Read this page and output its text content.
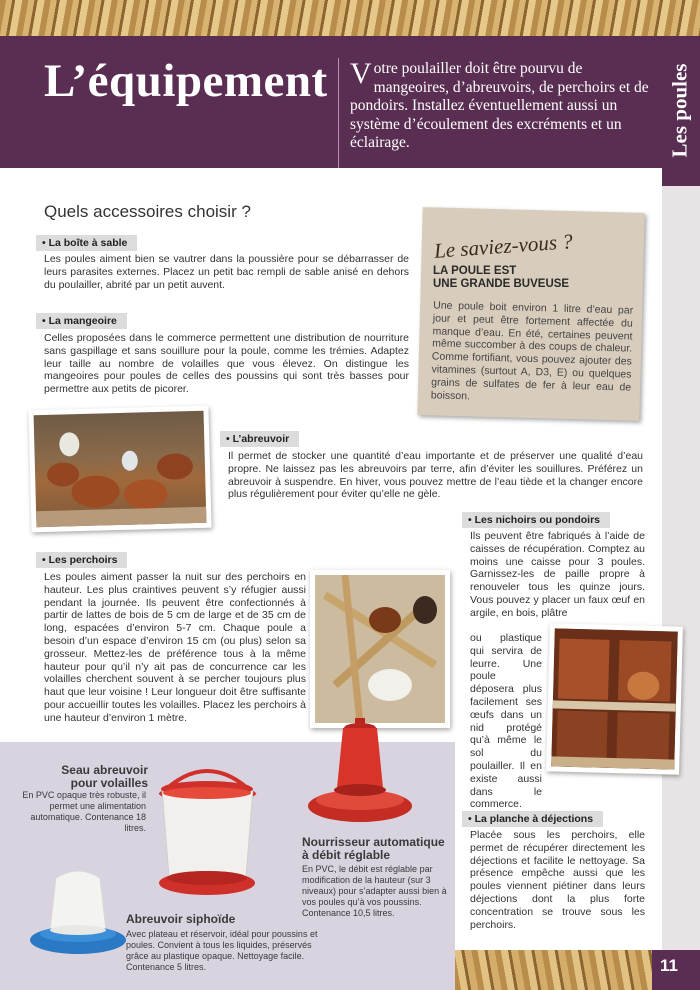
L’équipement Votre poulailler doit être pourvu de mangeoires, d’abreuvoirs, de perchoirs et de pondoirs. Installez éventuellement aussi un système d’écoulement des excréments et un éclairage.	Les poules
Quels accessoires choisir ?
• La boîte à sable
Les poules aiment bien se vautrer dans la poussière pour se débarrasser de leurs parasites externes. Placez un petit bac rempli de sable anisé en dehors du poulailler, abrité par un petit auvent.
• La mangeoire
Celles proposées dans le commerce permettent une distribution de nourriture sans gaspillage et sans souillure pour la poule, comme les trémies. Adaptez leur taille au nombre de volailles que vous élevez. On distingue les mangeoires pour poules de celles des poussins qui sont très basses pour permettre aux petits de picorer.
Le saviez-vous ?
LA POULE EST
UNE GRANDE BUVEUSE
Une poule boit environ 1 litre d’eau par jour et peut être fortement affectée du manque d’eau. En été, certaines peuvent même succomber à des coups de chaleur. Comme fortifiant, vous pouvez ajouter des vitamines (surtout A, D3, E) ou quelques grains de sulfates de fer à leur eau de boisson.
• L’abreuvoir
Il permet de stocker une quantité d’eau importante et de préserver une qualité d’eau propre. Ne laissez pas les abreuvoirs par terre, afin d’éviter les souillures. Préférez un abreuvoir à suspendre. En hiver, vous pouvez mettre de l’eau tiède et la changer encore plus régulièrement pour éviter qu’elle ne gèle.
• Les nichoirs ou pondoirs
Ils peuvent être fabriqués à l’aide de caisses de récupération. Comptez au moins une caisse pour 3 poules. Garnissez-les de paille propre à renouveler tous les quinze jours. Vous pouvez y placer un faux œuf en argile, en bois, plâtre
ou plastique qui servira de leurre. Une poule déposera plus facilement ses œufs dans un nid protégé qu’à même le sol du poulailler. Il en existe aussi dans le commerce.
• Les perchoirs
Les poules aiment passer la nuit sur des perchoirs en hauteur. Les plus craintives peuvent s’y réfugier aussi pendant la journée. Ils peuvent être confectionnés à partir de lattes de bois de 5 cm de large et de 35 cm de long, espacées d’environ 5-7 cm. Chaque poule a besoin d’un espace d’environ 15 cm (ou plus) selon sa grosseur. Mettez-les de préférence tous à la même hauteur pour qu’il n’y ait pas de concurrence car les volailles cherchent souvent à se percher toujours plus haut que leur voisine ! Leur longueur doit être suffisante pour accueillir toutes les volailles. Placez les perchoirs à une hauteur d’environ 1 mètre.
• La planche à déjections
Placée sous les perchoirs, elle permet de récupérer directement les déjections et facilite le nettoyage. Sa présence empêche aussi que les poules viennent piétiner dans leurs déjections dont la plus forte concentration se trouve sous les perchoirs.
Seau abreuvoir
pour volailles
En PVC opaque très robuste, il permet une alimentation automatique. Contenance 18 litres.
Nourrisseur automatique
à débit réglable
En PVC, le débit est réglable par modification de la hauteur (sur 3 niveaux) pour s’adapter aussi bien à vos poules qu’à vos poussins. Contenance 10,5 litres.
Abreuvoir siphoïde
Avec plateau et réservoir, idéal pour poussins et poules. Convient à tous les liquides, préservés grâce au plastique opaque. Nettoyage facile. Contenance 5 litres.	11
